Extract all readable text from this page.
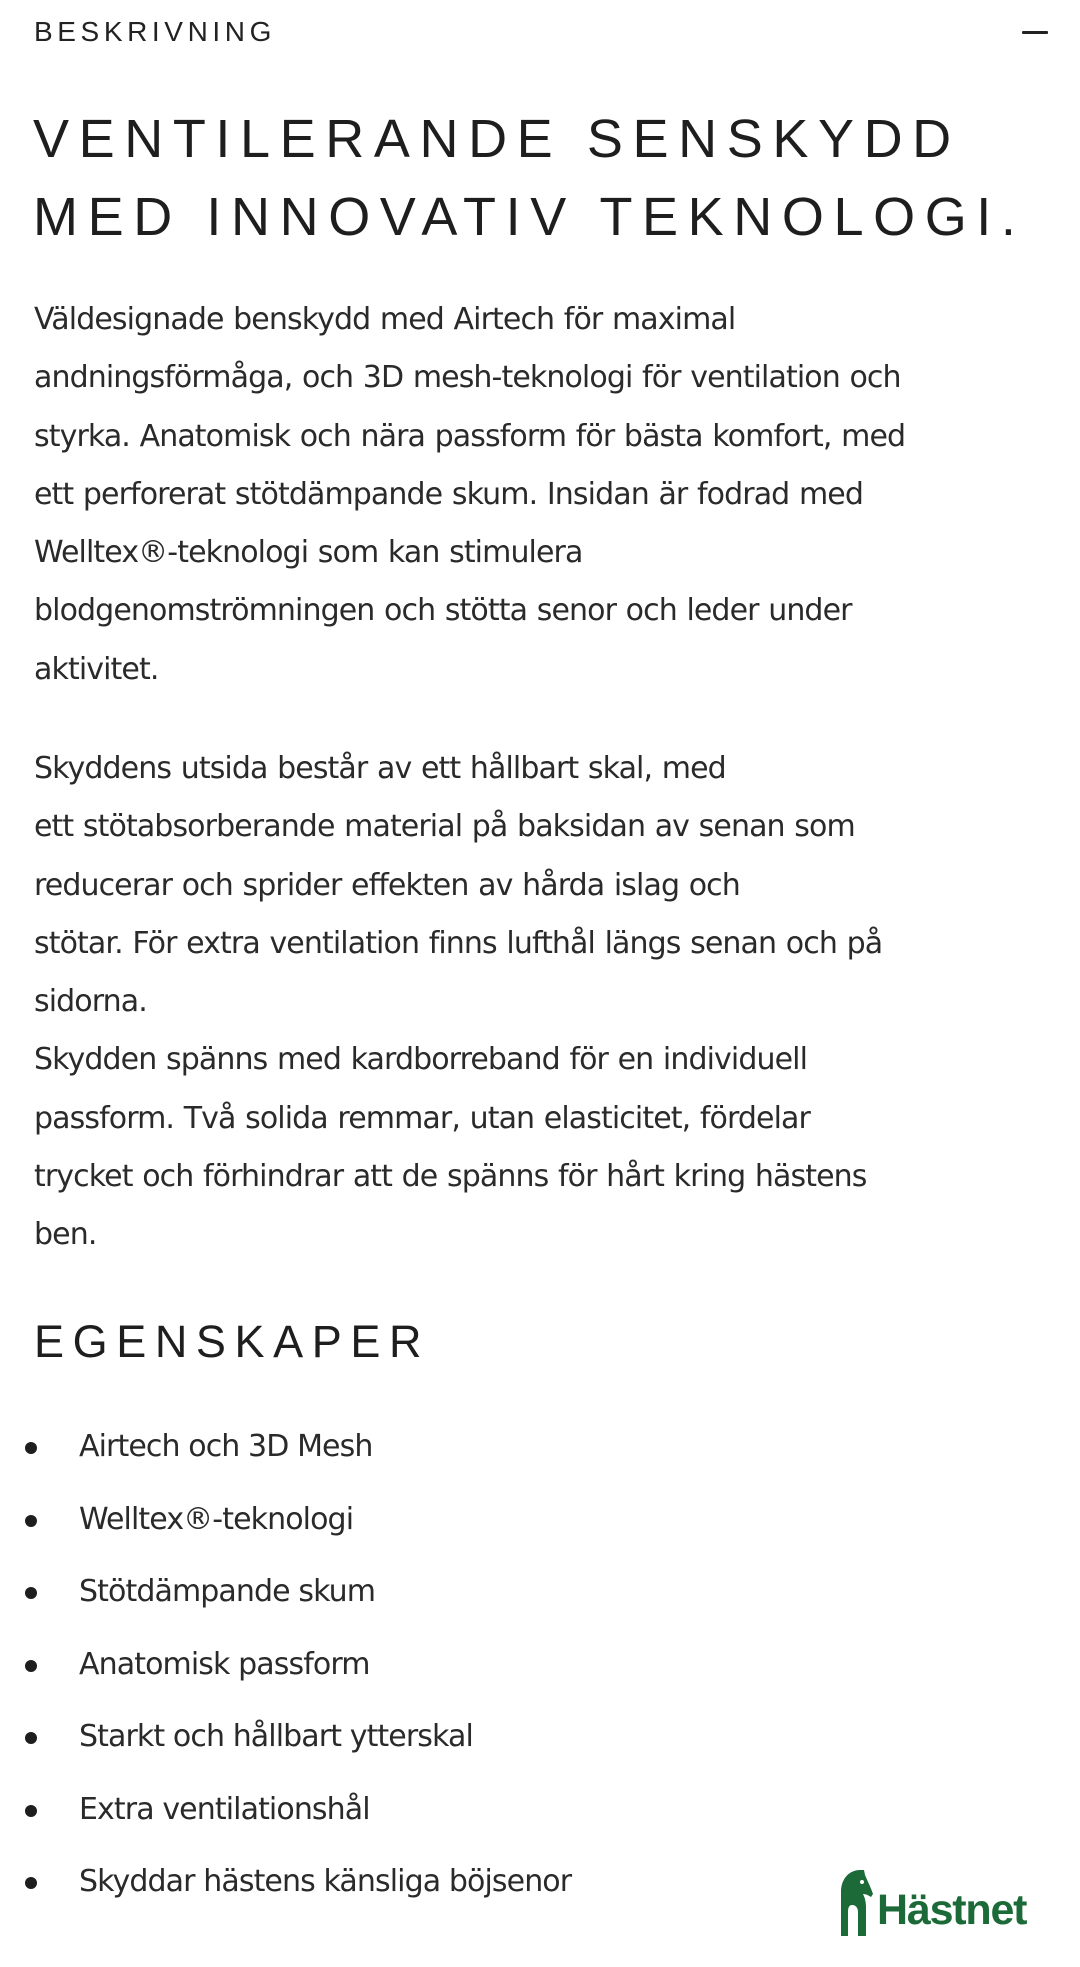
BESKRIVNING
VENTILERANDE SENSKYDD
MED INNOVATIV TEKNOLOGI.
Väldesignade benskydd med Airtech för maximal
andningsförmåga, och 3D mesh-teknologi för ventilation och
styrka. Anatomisk och nära passform för bästa komfort, med
ett perforerat stötdämpande skum. Insidan är fodrad med
Welltex®-teknologi som kan stimulera
blodgenomströmningen och stötta senor och leder under
aktivitet.
Skyddens utsida består av ett hållbart skal, med
ett stötabsorberande material på baksidan av senan som
reducerar och sprider effekten av hårda islag och
stötar. För extra ventilation finns lufthål längs senan och på
sidorna.
Skydden spänns med kardborreband för en individuell
passform. Två solida remmar, utan elasticitet, fördelar
trycket och förhindrar att de spänns för hårt kring hästens
ben.
EGENSKAPER
Airtech och 3D Mesh
Welltex®-teknologi
Stötdämpande skum
Anatomisk passform
Starkt och hållbart ytterskal
Extra ventilationshål
Skyddar hästens känsliga böjsenor
Hästnet
